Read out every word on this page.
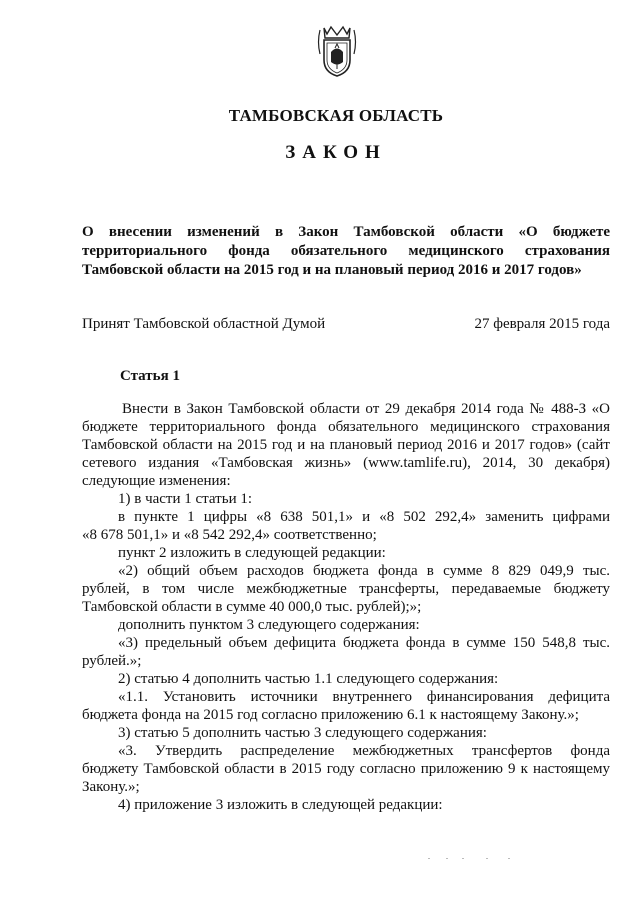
ТАМБОВСКАЯ ОБЛАСТЬ
ЗАКОН
О внесении изменений в Закон Тамбовской области «О бюджете
территориального фонда обязательного медицинского страхования
Тамбовской области на 2015 год и на плановый период 2016 и 2017 годов»
Принят Тамбовской областной Думой	27 февраля 2015 года
Статья 1
Внести в Закон Тамбовской области от 29 декабря 2014 года № 488-З «О
бюджете территориального фонда обязательного медицинского страхования
Тамбовской области на 2015 год и на плановый период 2016 и 2017 годов» (сайт
сетевого издания «Тамбовская жизнь» (www.tamlife.ru), 2014, 30 декабря)
следующие изменения:
1) в части 1 статьи 1:
в пункте 1 цифры «8 638 501,1» и «8 502 292,4» заменить цифрами
«8 678 501,1» и «8 542 292,4» соответственно;
пункт 2 изложить в следующей редакции:
«2) общий объем расходов бюджета фонда в сумме 8 829 049,9 тыс.
рублей, в том числе межбюджетные трансферты, передаваемые бюджету
Тамбовской области в сумме 40 000,0 тыс. рублей);»;
дополнить пунктом 3 следующего содержания:
«3) предельный объем дефицита бюджета фонда в сумме 150 548,8 тыс.
рублей.»;
2) статью 4 дополнить частью 1.1 следующего содержания:
«1.1. Установить источники внутреннего финансирования дефицита
бюджета фонда на 2015 год согласно приложению 6.1 к настоящему Закону.»;
3) статью 5 дополнить частью 3 следующего содержания:
«3. Утвердить распределение межбюджетных трансфертов фонда
бюджету Тамбовской области в 2015 году согласно приложению 9 к настоящему
Закону.»;
4) приложение 3 изложить в следующей редакции:
